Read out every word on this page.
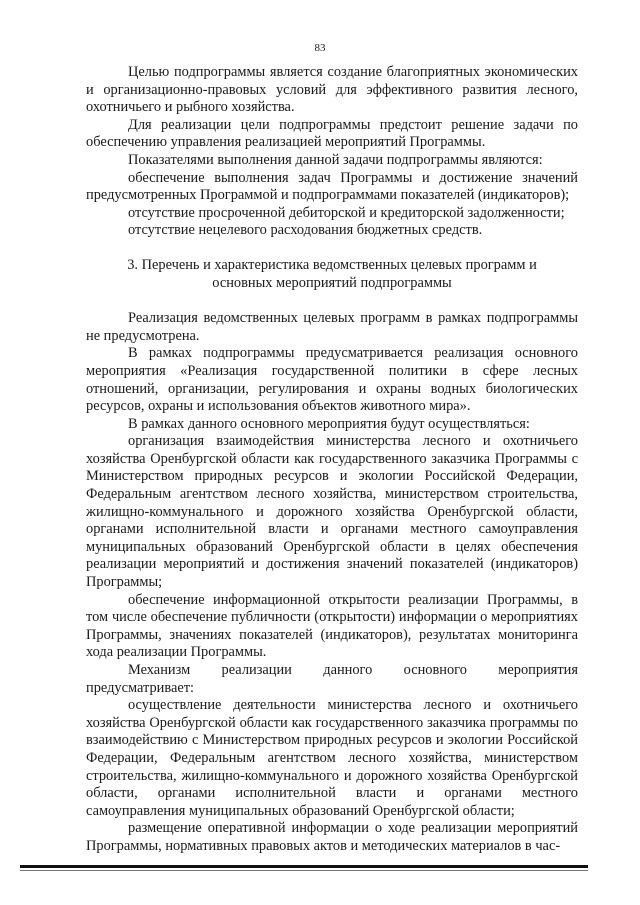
83

Целью подпрограммы является создание благоприятных экономических и организационно-правовых условий для эффективного развития лесного, охотничьего и рыбного хозяйства.

Для реализации цели подпрограммы предстоит решение задачи по обеспечению управления реализацией мероприятий Программы.

Показателями выполнения данной задачи подпрограммы являются:

обеспечение выполнения задач Программы и достижение значений предусмотренных Программой и подпрограммами показателей (индикаторов);

отсутствие просроченной дебиторской и кредиторской задолженности;

отсутствие нецелевого расходования бюджетных средств.

3. Перечень и характеристика ведомственных целевых программ и
основных мероприятий подпрограммы

Реализация ведомственных целевых программ в рамках подпрограммы не предусмотрена.

В рамках подпрограммы предусматривается реализация основного мероприятия «Реализация государственной политики в сфере лесных отношений, организации, регулирования и охраны водных биологических ресурсов, охраны и использования объектов животного мира».

В рамках данного основного мероприятия будут осуществляться:

организация взаимодействия министерства лесного и охотничьего хозяйства Оренбургской области как государственного заказчика Программы с Министерством природных ресурсов и экологии Российской Федерации, Федеральным агентством лесного хозяйства, министерством строительства, жилищно-коммунального и дорожного хозяйства Оренбургской области, органами исполнительной власти и органами местного самоуправления муниципальных образований Оренбургской области в целях обеспечения реализации мероприятий и достижения значений показателей (индикаторов) Программы;

обеспечение информационной открытости реализации Программы, в том числе обеспечение публичности (открытости) информации о мероприятиях Программы, значениях показателей (индикаторов), результатах мониторинга хода реализации Программы.

Механизм реализации данного основного мероприятия предусматривает:

осуществление деятельности министерства лесного и охотничьего хозяйства Оренбургской области как государственного заказчика программы по взаимодействию с Министерством природных ресурсов и экологии Российской Федерации, Федеральным агентством лесного хозяйства, министерством строительства, жилищно-коммунального и дорожного хозяйства Оренбургской области, органами исполнительной власти и органами местного самоуправления муниципальных образований Оренбургской области;

размещение оперативной информации о ходе реализации мероприятий Программы, нормативных правовых актов и методических материалов в час-
